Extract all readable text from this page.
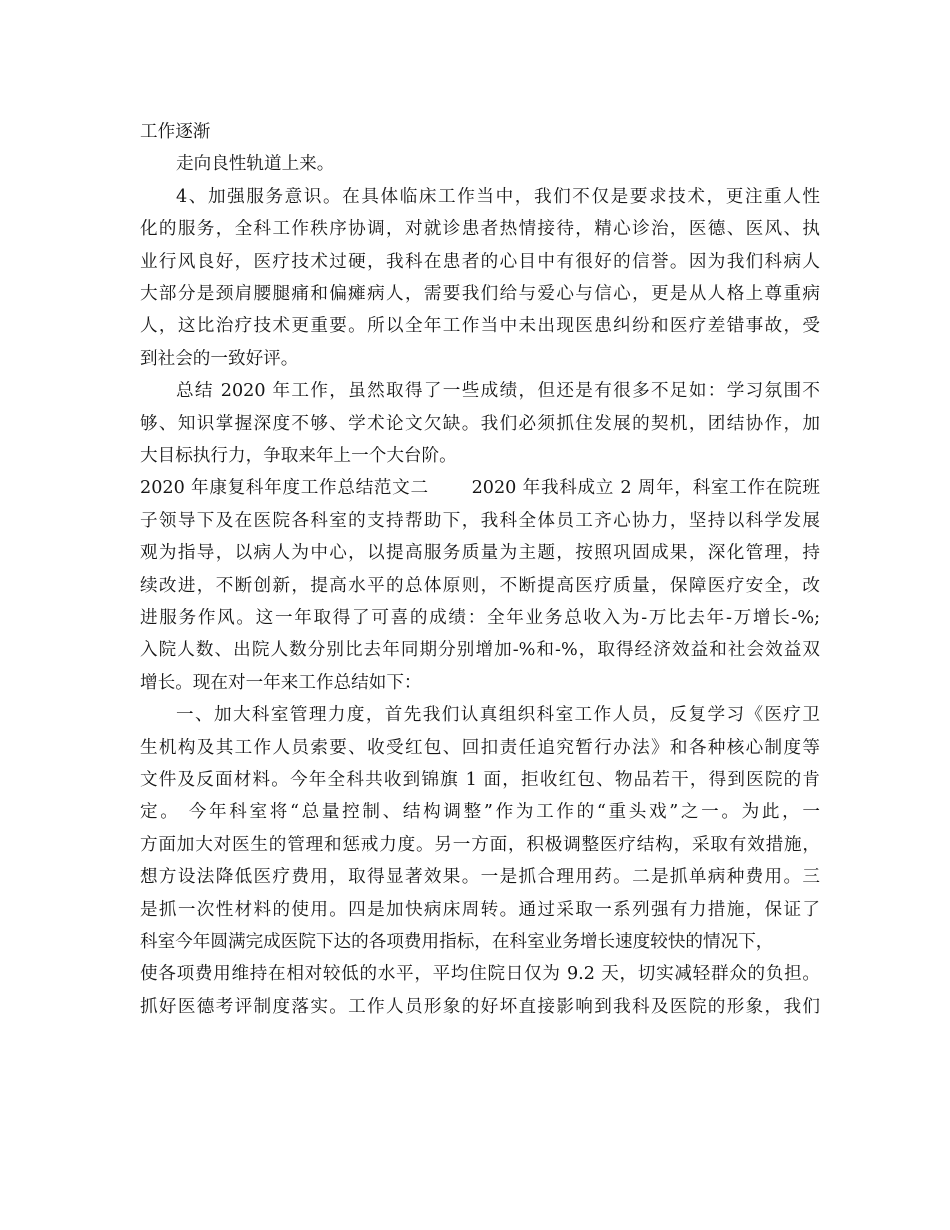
工作逐渐
走向良性轨道上来。
4、加强服务意识。在具体临床工作当中，我们不仅是要求技术，更注重人性
化的服务，全科工作秩序协调，对就诊患者热情接待，精心诊治，医德、医风、执
业行风良好，医疗技术过硬，我科在患者的心目中有很好的信誉。因为我们科病人
大部分是颈肩腰腿痛和偏瘫病人，需要我们给与爱心与信心，更是从人格上尊重病
人，这比治疗技术更重要。所以全年工作当中未出现医患纠纷和医疗差错事故，受
到社会的一致好评。
总结 2020 年工作，虽然取得了一些成绩，但还是有很多不足如：学习氛围不
够、知识掌握深度不够、学术论文欠缺。我们必须抓住发展的契机，团结协作，加
大目标执行力，争取来年上一个大台阶。
2020 年康复科年度工作总结范文二　　 2020 年我科成立 2 周年，科室工作在院班
子领导下及在医院各科室的支持帮助下，我科全体员工齐心协力，坚持以科学发展
观为指导，以病人为中心，以提高服务质量为主题，按照巩固成果，深化管理，持
续改进，不断创新，提高水平的总体原则，不断提高医疗质量，保障医疗安全，改
进服务作风。这一年取得了可喜的成绩：全年业务总收入为-万比去年-万增长-%;
入院人数、出院人数分别比去年同期分别增加-%和-%，取得经济效益和社会效益双
增长。现在对一年来工作总结如下：
一、加大科室管理力度，首先我们认真组织科室工作人员，反复学习《医疗卫
生机构及其工作人员索要、收受红包、回扣责任追究暂行办法》和各种核心制度等
文件及反面材料。今年全科共收到锦旗 1 面，拒收红包、物品若干，得到医院的肯
定。 今年科室将“总量控制、结构调整”作为工作的“重头戏”之一。为此，一
方面加大对医生的管理和惩戒力度。另一方面，积极调整医疗结构，采取有效措施，
想方设法降低医疗费用，取得显著效果。一是抓合理用药。二是抓单病种费用。三
是抓一次性材料的使用。四是加快病床周转。通过采取一系列强有力措施，保证了
科室今年圆满完成医院下达的各项费用指标，在科室业务增长速度较快的情况下，
使各项费用维持在相对较低的水平，平均住院日仅为 9.2 天，切实减轻群众的负担。
抓好医德考评制度落实。工作人员形象的好坏直接影响到我科及医院的形象，我们
